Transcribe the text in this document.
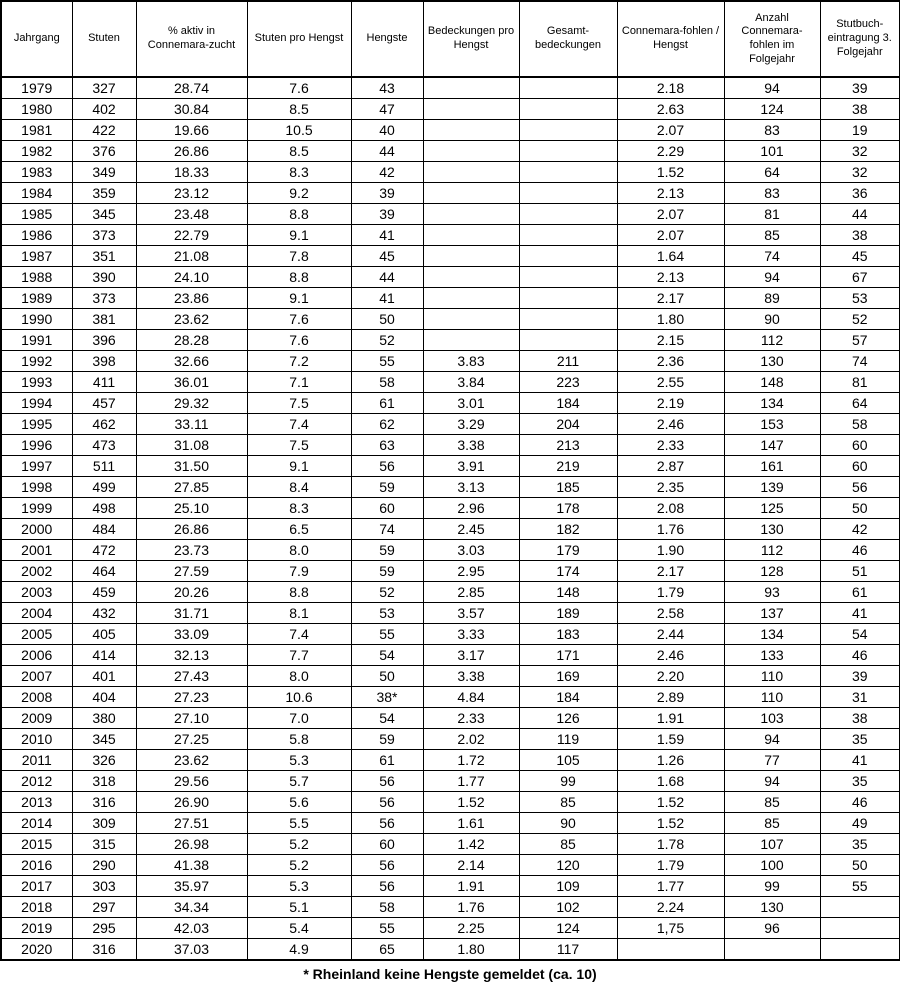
Jahrgang	Stuten	% aktiv in Connemara-zucht	Stuten pro Hengst	Hengste	Bedeckungen pro Hengst	Gesamt-bedeckungen	Connemara-fohlen / Hengst	Anzahl Connemara-fohlen im Folgejahr	Stutbuch-eintragung 3. Folgejahr
1979	327	28.74	7.6	43			2.18	94	39
1980	402	30.84	8.5	47			2.63	124	38
1981	422	19.66	10.5	40			2.07	83	19
1982	376	26.86	8.5	44			2.29	101	32
1983	349	18.33	8.3	42			1.52	64	32
1984	359	23.12	9.2	39			2.13	83	36
1985	345	23.48	8.8	39			2.07	81	44
1986	373	22.79	9.1	41			2.07	85	38
1987	351	21.08	7.8	45			1.64	74	45
1988	390	24.10	8.8	44			2.13	94	67
1989	373	23.86	9.1	41			2.17	89	53
1990	381	23.62	7.6	50			1.80	90	52
1991	396	28.28	7.6	52			2.15	112	57
1992	398	32.66	7.2	55	3.83	211	2.36	130	74
1993	411	36.01	7.1	58	3.84	223	2.55	148	81
1994	457	29.32	7.5	61	3.01	184	2.19	134	64
1995	462	33.11	7.4	62	3.29	204	2.46	153	58
1996	473	31.08	7.5	63	3.38	213	2.33	147	60
1997	511	31.50	9.1	56	3.91	219	2.87	161	60
1998	499	27.85	8.4	59	3.13	185	2.35	139	56
1999	498	25.10	8.3	60	2.96	178	2.08	125	50
2000	484	26.86	6.5	74	2.45	182	1.76	130	42
2001	472	23.73	8.0	59	3.03	179	1.90	112	46
2002	464	27.59	7.9	59	2.95	174	2.17	128	51
2003	459	20.26	8.8	52	2.85	148	1.79	93	61
2004	432	31.71	8.1	53	3.57	189	2.58	137	41
2005	405	33.09	7.4	55	3.33	183	2.44	134	54
2006	414	32.13	7.7	54	3.17	171	2.46	133	46
2007	401	27.43	8.0	50	3.38	169	2.20	110	39
2008	404	27.23	10.6	38*	4.84	184	2.89	110	31
2009	380	27.10	7.0	54	2.33	126	1.91	103	38
2010	345	27.25	5.8	59	2.02	119	1.59	94	35
2011	326	23.62	5.3	61	1.72	105	1.26	77	41
2012	318	29.56	5.7	56	1.77	99	1.68	94	35
2013	316	26.90	5.6	56	1.52	85	1.52	85	46
2014	309	27.51	5.5	56	1.61	90	1.52	85	49
2015	315	26.98	5.2	60	1.42	85	1.78	107	35
2016	290	41.38	5.2	56	2.14	120	1.79	100	50
2017	303	35.97	5.3	56	1.91	109	1.77	99	55
2018	297	34.34	5.1	58	1.76	102	2.24	130	
2019	295	42.03	5.4	55	2.25	124	1,75	96	
2020	316	37.03	4.9	65	1.80	117			
* Rheinland keine Hengste gemeldet (ca. 10)
